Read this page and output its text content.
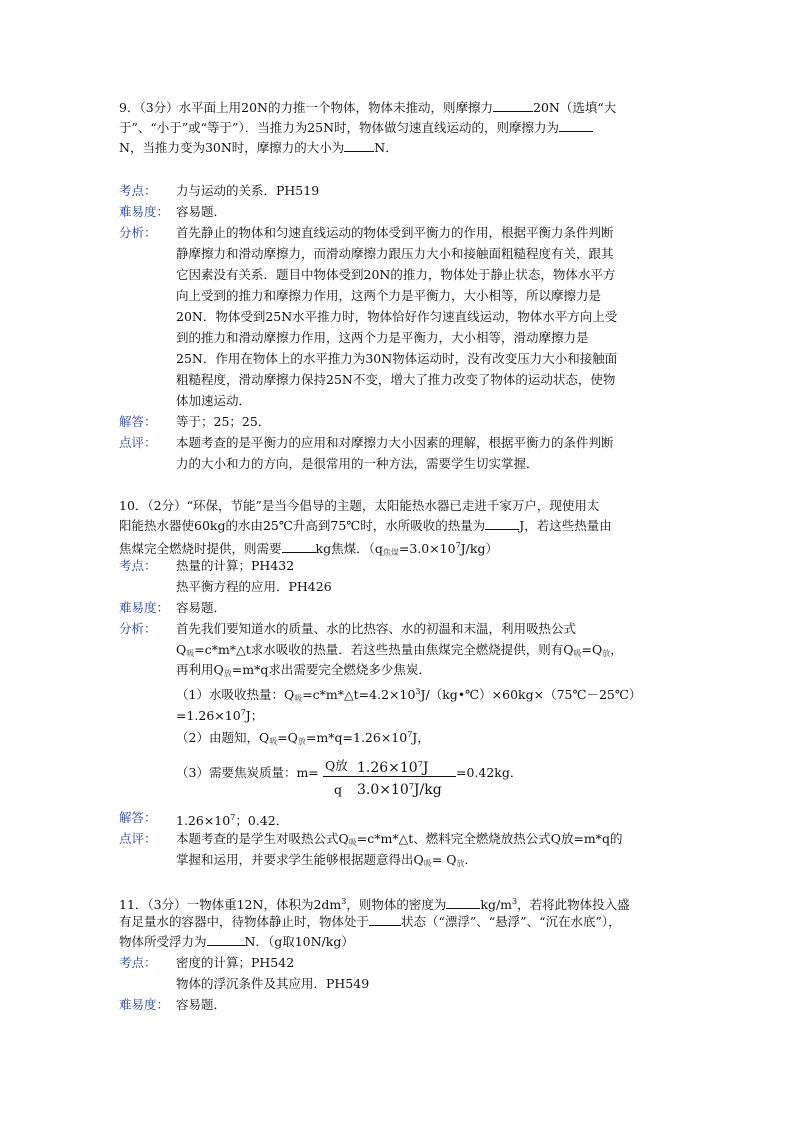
9．（3分）水平面上用20N的力推一个物体，物体未推动，则摩擦力	20N（选填“大
于”、“小于”或“等于”）．当推力为25N时，物体做匀速直线运动的，则摩擦力为
N，当推力变为30N时，摩擦力的大小为 N．
考点： 力与运动的关系．PH519
难易度： 容易题．
分析： 首先静止的物体和匀速直线运动的物体受到平衡力的作用，根据平衡力条件判断
静摩擦力和滑动摩擦力，而滑动摩擦力跟压力大小和接触面粗糙程度有关，跟其
它因素没有关系．题目中物体受到20N的推力，物体处于静止状态，物体水平方
向上受到的推力和摩擦力作用，这两个力是平衡力，大小相等，所以摩擦力是
20N．物体受到25N水平推力时，物体恰好作匀速直线运动，物体水平方向上受
到的推力和滑动摩擦力作用，这两个力是平衡力，大小相等，滑动摩擦力是
25N．作用在物体上的水平推力为30N物体运动时，没有改变压力大小和接触面
粗糙程度，滑动摩擦力保持25N不变，增大了推力改变了物体的运动状态，使物
体加速运动．
解答： 等于；25；25．
点评： 本题考查的是平衡力的应用和对摩擦力大小因素的理解，根据平衡力的条件判断
力的大小和力的方向，是很常用的一种方法，需要学生切实掌握．
10．（2分）“环保，节能”是当今倡导的主题，太阳能热水器已走进千家万户，现使用太
阳能热水器使60kg的水由25℃升高到75℃时，水所吸收的热量为	J，若这些热量由
焦煤完全燃烧时提供，则需要	kg焦煤．$(q_{焦煤}=3.0\times 10^7J/kg)$
考点： 热量的计算；PH432
热平衡方程的应用．PH426
难易度： 容易题．
分析： 首先我们要知道水的质量、水的比热容、水的初温和末温，利用吸热公式
$Q_吸=c*m*\triangle t$求水吸收的热量．若这些热量由焦煤完全燃烧提供，则有$Q_吸=Q_放$，
再利用$Q_放=m*q$求出需要完全燃烧多少焦炭．
（1）水吸收热量：$Q_吸=c*m*\triangle t=4.2\times 10^3J/(kg•℃)\times 60kg\times(75℃-25℃)$
$=1.26\times 10^7J$；
（2）由题知，$Q_吸=Q_放=m*q=1.26\times 10^7J$，
（3）需要焦炭质量：m= Q放 $1.26\times 10^7J$
q $3.0\times 10^7J/kg$
=0.42kg．
解答： $1.26\times 10^7$；0.42．
点评： 本题考查的是学生对吸热公式$Q_吸=c*m*\triangle t$、燃料完全燃烧放热公式Q放=m*q的
掌握和运用，并要求学生能够根据题意得出$Q_吸= Q_放$．
11．（3分）一物体重12N，体积为$2dm^3$，则物体的密度为	$kg/m^3$，若将此物体投入盛
有足量水的容器中，待物体静止时，物体处于	状态（“漂浮”、“悬浮”、“沉在水底”），
物体所受浮力为	N．（g取10N/kg）
考点： 密度的计算；PH542
物体的浮沉条件及其应用．PH549
难易度： 容易题．
